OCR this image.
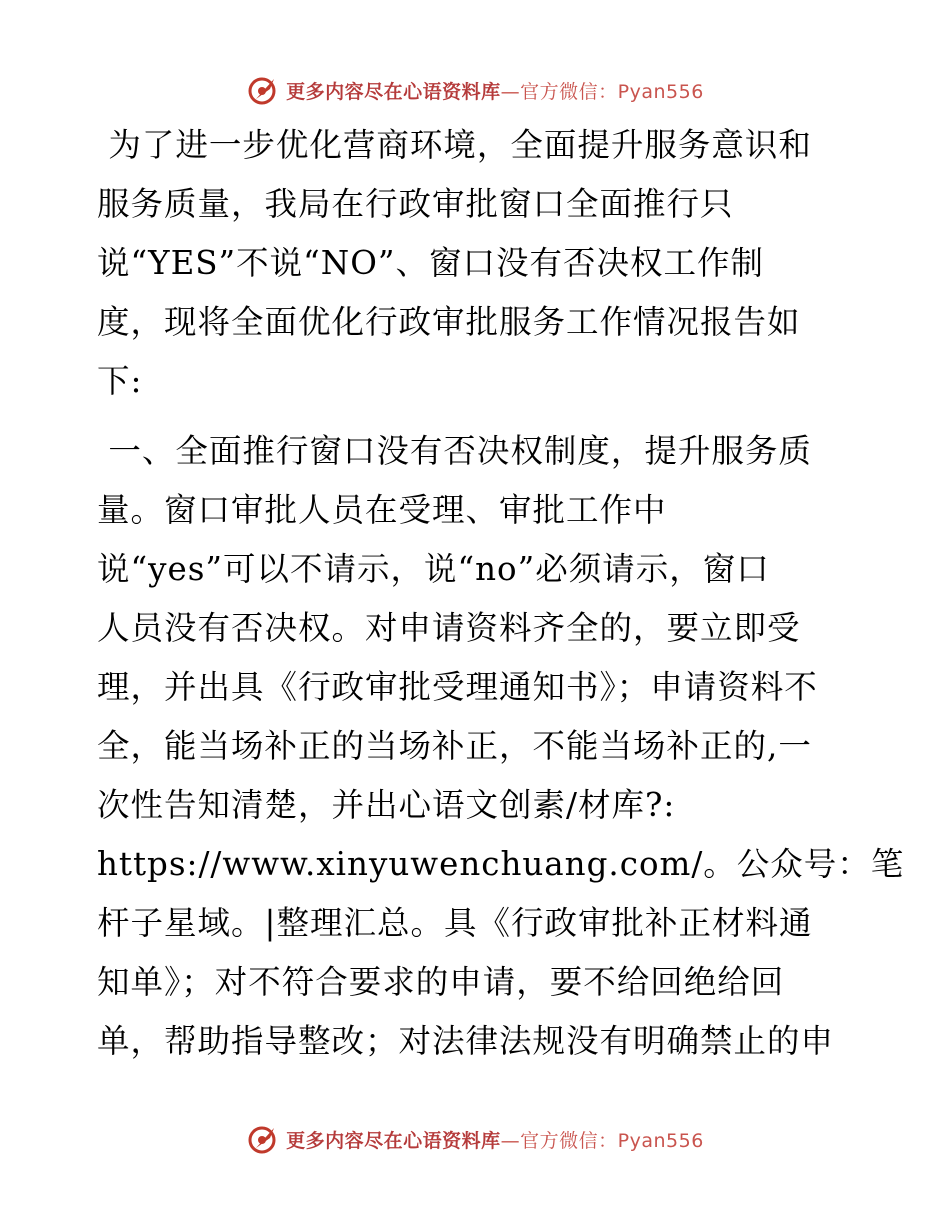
更多内容尽在心语资料库—官方微信：Pyan556

为了进一步优化营商环境，全面提升服务意识和
服务质量，我局在行政审批窗口全面推行只
说“YES”不说“NO”、窗口没有否决权工作制
度，现将全面优化行政审批服务工作情况报告如
下:

一、全面推行窗口没有否决权制度，提升服务质
量。窗口审批人员在受理、审批工作中
说“yes”可以不请示，说“no”必须请示，窗口
人员没有否决权。对申请资料齐全的，要立即受
理，并出具《行政审批受理通知书》；申请资料不
全，能当场补正的当场补正，不能当场补正的,一
次性告知清楚，并出心语文创素/材库?:
https://www.xinyuwenchuang.com/。公众号：笔
杆子星域。|整理汇总。具《行政审批补正材料通
知单》；对不符合要求的申请，要不给回绝给回
单，帮助指导整改；对法律法规没有明确禁止的申

更多内容尽在心语资料库—官方微信：Pyan556
